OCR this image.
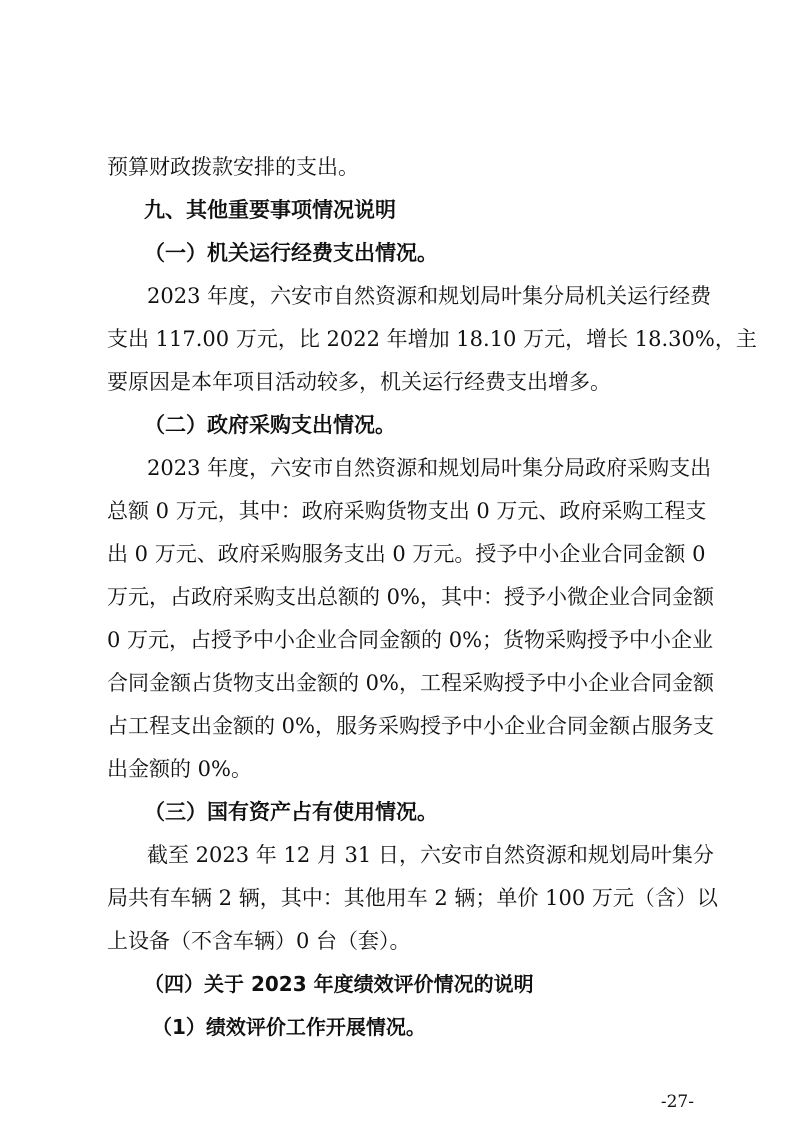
预算财政拨款安排的支出。
九、其他重要事项情况说明
（一）机关运行经费支出情况。
2023 年度，六安市自然资源和规划局叶集分局机关运行经费
支出 117.00 万元，比 2022 年增加 18.10 万元，增长 18.30%，主
要原因是本年项目活动较多，机关运行经费支出增多。
（二）政府采购支出情况。
2023 年度，六安市自然资源和规划局叶集分局政府采购支出
总额 0 万元，其中：政府采购货物支出 0 万元、政府采购工程支
出 0 万元、政府采购服务支出 0 万元。授予中小企业合同金额 0
万元，占政府采购支出总额的 0%，其中：授予小微企业合同金额
0 万元，占授予中小企业合同金额的 0%；货物采购授予中小企业
合同金额占货物支出金额的 0%，工程采购授予中小企业合同金额
占工程支出金额的 0%，服务采购授予中小企业合同金额占服务支
出金额的 0%。
（三）国有资产占有使用情况。
截至 2023 年 12 月 31 日，六安市自然资源和规划局叶集分
局共有车辆 2 辆，其中：其他用车 2 辆；单价 100 万元（含）以
上设备（不含车辆）0 台（套）。
（四）关于 2023 年度绩效评价情况的说明
（1）绩效评价工作开展情况。
-27-
